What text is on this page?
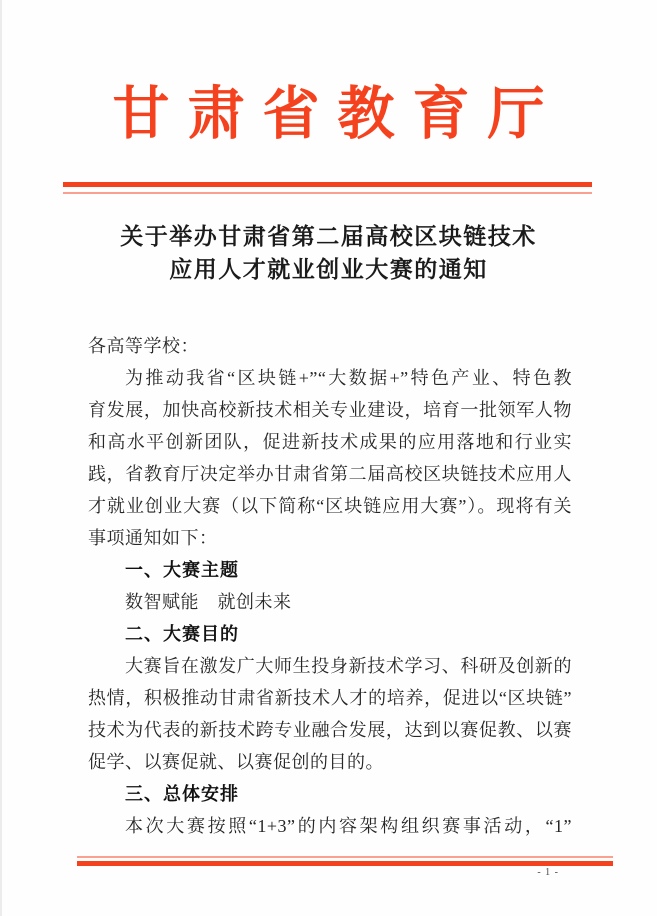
甘肃省教育厅
关于举办甘肃省第二届高校区块链技术
应用人才就业创业大赛的通知
各高等学校：
为推动我省“区块链+”“大数据+”特色产业、特色教
育发展，加快高校新技术相关专业建设，培育一批领军人物
和高水平创新团队，促进新技术成果的应用落地和行业实
践，省教育厅决定举办甘肃省第二届高校区块链技术应用人
才就业创业大赛（以下简称“区块链应用大赛”）。现将有关
事项通知如下：
一、大赛主题
数智赋能　就创未来
二、大赛目的
大赛旨在激发广大师生投身新技术学习、科研及创新的
热情，积极推动甘肃省新技术人才的培养，促进以“区块链”
技术为代表的新技术跨专业融合发展，达到以赛促教、以赛
促学、以赛促就、以赛促创的目的。
三、总体安排
本次大赛按照“1+3”的内容架构组织赛事活动，“1”
- 1 -
